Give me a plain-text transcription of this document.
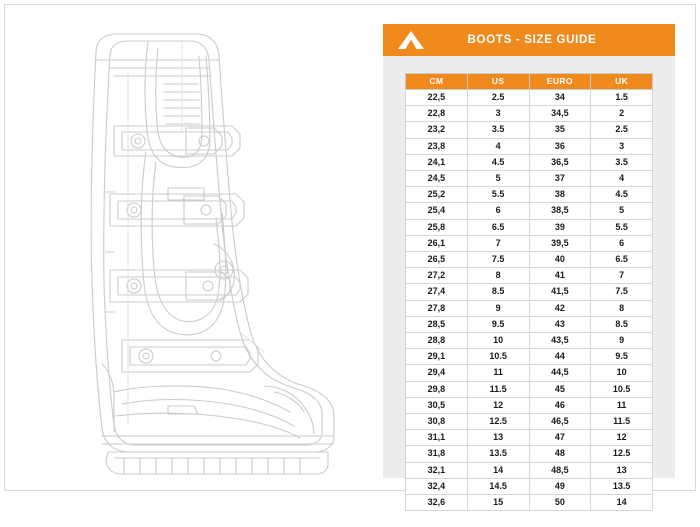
BOOTS - SIZE GUIDE
CM	US	EURO	UK
22,5	2.5	34	1.5
22,8	3	34,5	2
23,2	3.5	35	2.5
23,8	4	36	3
24,1	4.5	36,5	3.5
24,5	5	37	4
25,2	5.5	38	4.5
25,4	6	38,5	5
25,8	6.5	39	5.5
26,1	7	39,5	6
26,5	7.5	40	6.5
27,2	8	41	7
27,4	8.5	41,5	7.5
27,8	9	42	8
28,5	9.5	43	8.5
28,8	10	43,5	9
29,1	10.5	44	9.5
29,4	11	44,5	10
29,8	11.5	45	10.5
30,5	12	46	11
30,8	12.5	46,5	11.5
31,1	13	47	12
31,8	13.5	48	12.5
32,1	14	48,5	13
32,4	14.5	49	13.5
32,6	15	50	14
